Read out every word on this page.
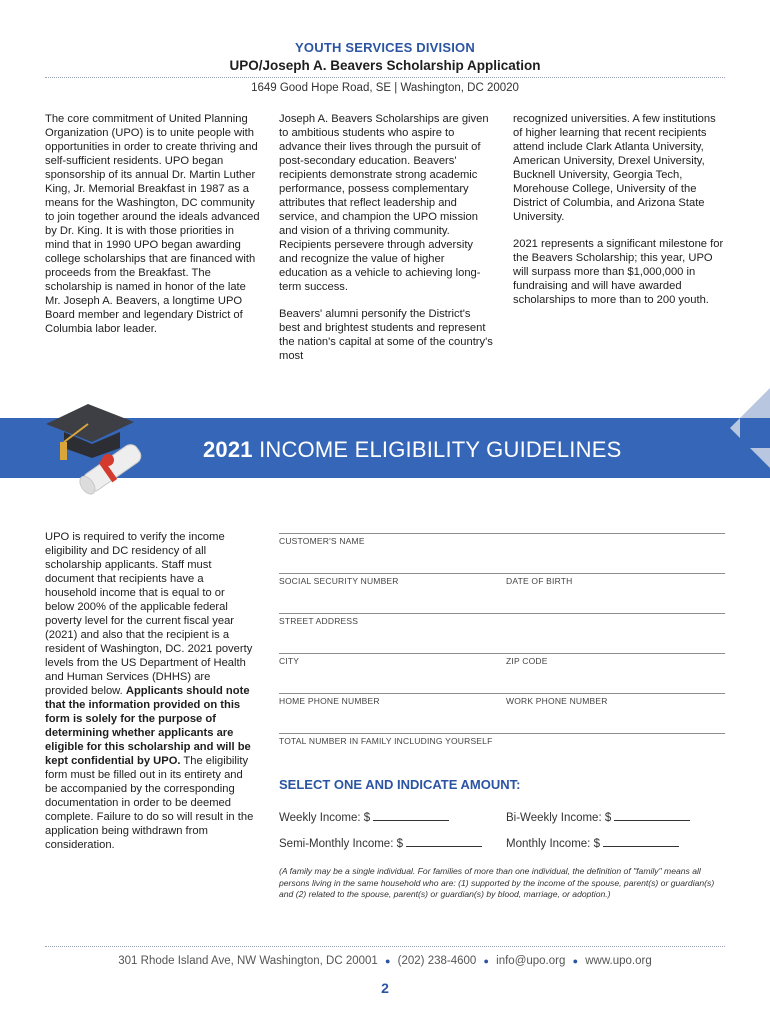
YOUTH SERVICES DIVISION
UPO/Joseph A. Beavers Scholarship Application
1649 Good Hope Road, SE | Washington, DC 20020

The core commitment of United Planning Organization (UPO) is to unite people with opportunities in order to create thriving and self-sufficient residents. UPO began sponsorship of its annual Dr. Martin Luther King, Jr. Memorial Breakfast in 1987 as a means for the Washington, DC community to join together around the ideals advanced by Dr. King. It is with those priorities in mind that in 1990 UPO began awarding college scholarships that are financed with proceeds from the Breakfast. The scholarship is named in honor of the late Mr. Joseph A. Beavers, a longtime UPO Board member and legendary District of Columbia labor leader.

Joseph A. Beavers Scholarships are given to ambitious students who aspire to advance their lives through the pursuit of post-secondary education. Beavers' recipients demonstrate strong academic performance, possess complementary attributes that reflect leadership and service, and champion the UPO mission and vision of a thriving community. Recipients persevere through adversity and recognize the value of higher education as a vehicle to achieving long-term success.

Beavers' alumni personify the District's best and brightest students and represent the nation's capital at some of the country's most

recognized universities. A few institutions of higher learning that recent recipients attend include Clark Atlanta University, American University, Drexel University, Bucknell University, Georgia Tech, Morehouse College, University of the District of Columbia, and Arizona State University.

2021 represents a significant milestone for the Beavers Scholarship; this year, UPO will surpass more than $1,000,000 in fundraising and will have awarded scholarships to more than to 200 youth.

2021 INCOME ELIGIBILITY GUIDELINES
UPO is required to verify the income eligibility and DC residency of all scholarship applicants. Staff must document that recipients have a household income that is equal to or below 200% of the applicable federal poverty level for the current fiscal year (2021) and also that the recipient is a resident of Washington, DC. 2021 poverty levels from the US Department of Health and Human Services (DHHS) are provided below. Applicants should note that the information provided on this form is solely for the purpose of determining whether applicants are eligible for this scholarship and will be kept confidential by UPO. The eligibility form must be filled out in its entirety and be accompanied by the corresponding documentation in order to be deemed complete. Failure to do so will result in the application being withdrawn from consideration.
CUSTOMER'S NAME
SOCIAL SECURITY NUMBER	DATE OF BIRTH
STREET ADDRESS
CITY	ZIP CODE
HOME PHONE NUMBER	WORK PHONE NUMBER
TOTAL NUMBER IN FAMILY INCLUDING YOURSELF
SELECT ONE AND INDICATE AMOUNT:
Weekly Income: $	Bi-Weekly Income: $
Semi-Monthly Income: $	Monthly Income: $
(A family may be a single individual. For families of more than one individual, the definition of "family" means all persons living in the same household who are: (1) supported by the income of the spouse, parent(s) or guardian(s) and (2) related to the spouse, parent(s) or guardian(s) by blood, marriage, or adoption.)
301 Rhode Island Ave, NW Washington, DC 20001 ● (202) 238-4600 ● info@upo.org ● www.upo.org
2
